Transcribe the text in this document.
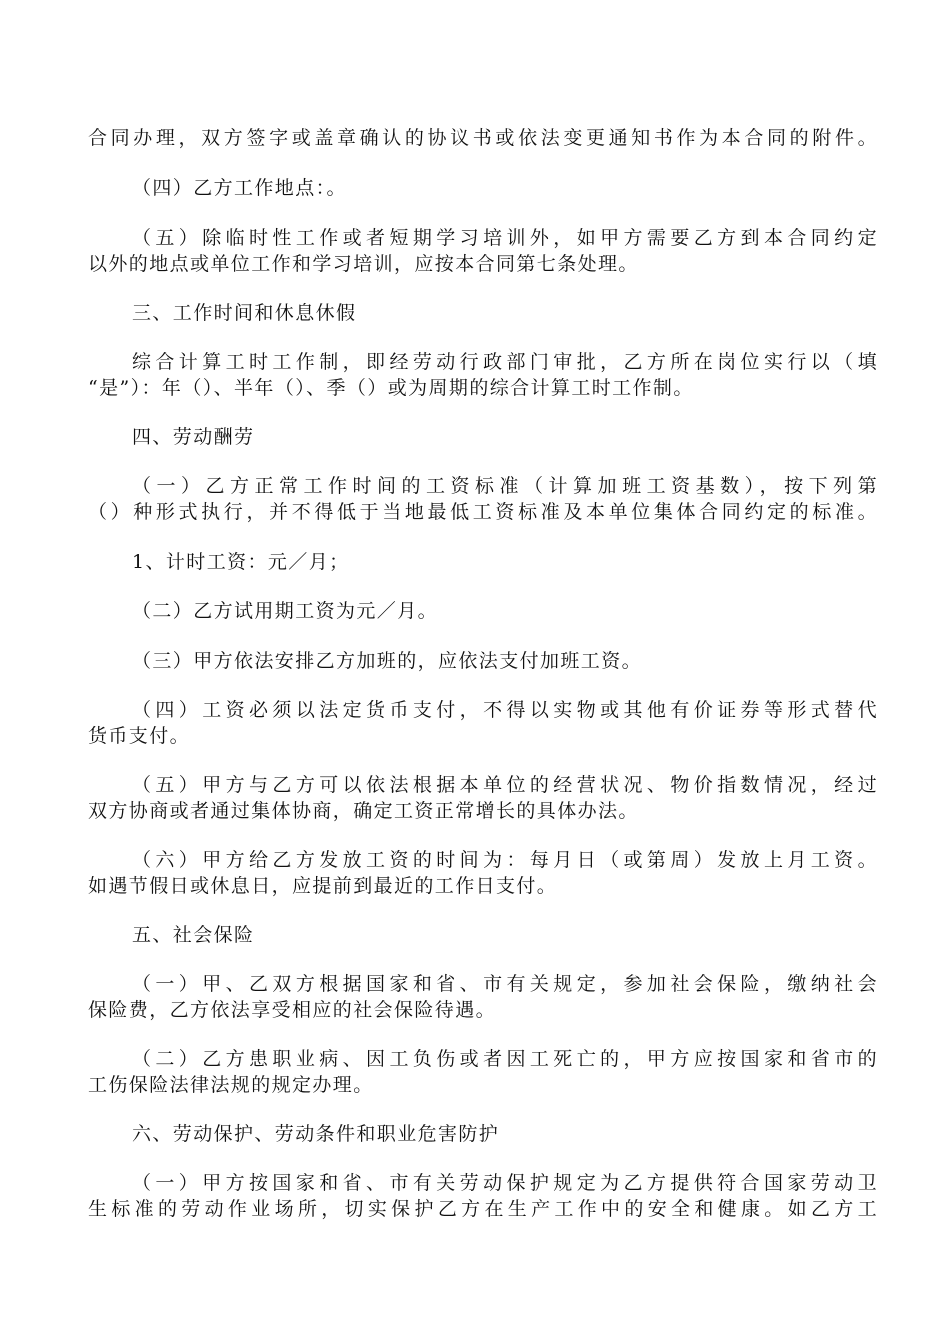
合同办理，双方签字或盖章确认的协议书或依法变更通知书作为本合同的附件。
（四）乙方工作地点：。
（五）除临时性工作或者短期学习培训外，如甲方需要乙方到本合同约定
以外的地点或单位工作和学习培训，应按本合同第七条处理。
三、工作时间和休息休假
综合计算工时工作制，即经劳动行政部门审批，乙方所在岗位实行以（填
“是”）：年（）、半年（）、季（）或为周期的综合计算工时工作制。
四、劳动酬劳
（一）乙方正常工作时间的工资标准（计算加班工资基数），按下列第
（）种形式执行，并不得低于当地最低工资标准及本单位集体合同约定的标准。
1、计时工资：元／月；
（二）乙方试用期工资为元／月。
（三）甲方依法安排乙方加班的，应依法支付加班工资。
（四）工资必须以法定货币支付，不得以实物或其他有价证券等形式替代
货币支付。
（五）甲方与乙方可以依法根据本单位的经营状况、物价指数情况，经过
双方协商或者通过集体协商，确定工资正常增长的具体办法。
（六）甲方给乙方发放工资的时间为：每月日（或第周）发放上月工资。
如遇节假日或休息日，应提前到最近的工作日支付。
五、社会保险
（一）甲、乙双方根据国家和省、市有关规定，参加社会保险，缴纳社会
保险费，乙方依法享受相应的社会保险待遇。
（二）乙方患职业病、因工负伤或者因工死亡的，甲方应按国家和省市的
工伤保险法律法规的规定办理。
六、劳动保护、劳动条件和职业危害防护
（一）甲方按国家和省、市有关劳动保护规定为乙方提供符合国家劳动卫
生标准的劳动作业场所，切实保护乙方在生产工作中的安全和健康。如乙方工
